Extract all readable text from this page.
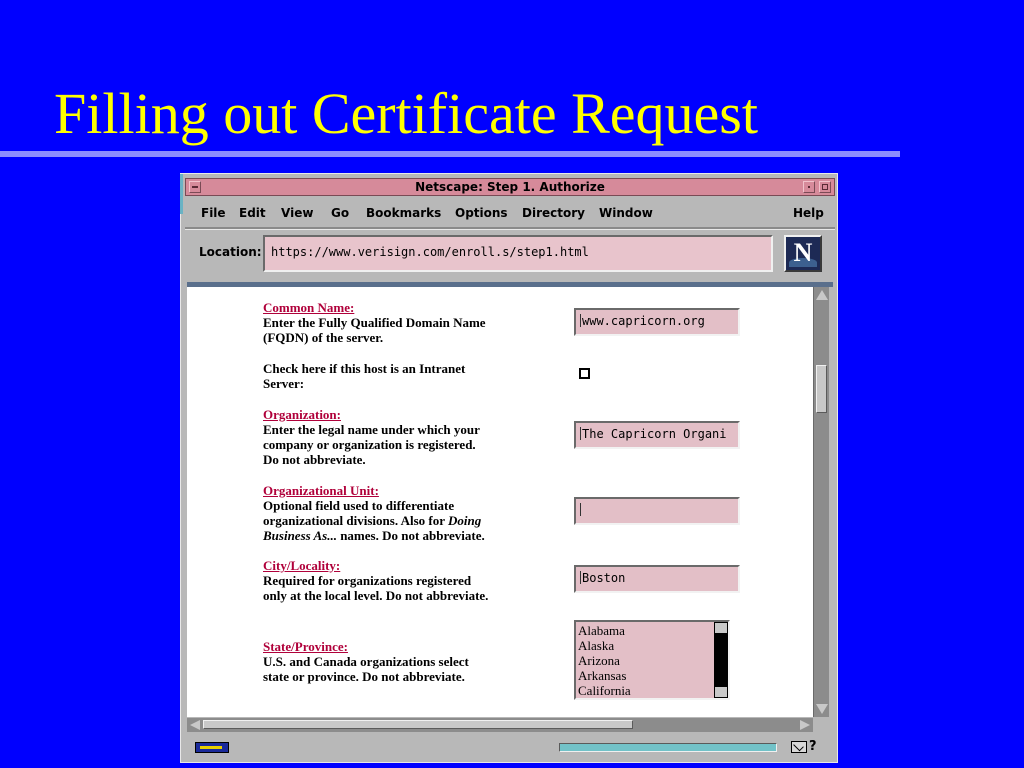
Filling out Certificate Request
Netscape: Step 1. Authorize
File Edit View Go Bookmarks Options Directory Window	Help
Location: https://www.verisign.com/enroll.s/step1.html	N
Common Name:
Enter the Fully Qualified Domain Name
(FQDN) of the server.
www.capricorn.org
Check here if this host is an Intranet
Server:
Organization:
Enter the legal name under which your
company or organization is registered.
Do not abbreviate.
The Capricorn Organi
Organizational Unit:
Optional field used to differentiate
organizational divisions. Also for Doing
Business As... names. Do not abbreviate.
City/Locality:
Required for organizations registered
only at the local level. Do not abbreviate.
Boston
State/Province:
U.S. and Canada organizations select
state or province. Do not abbreviate.
Alabama
Alaska
Arizona
Arkansas
California
?
